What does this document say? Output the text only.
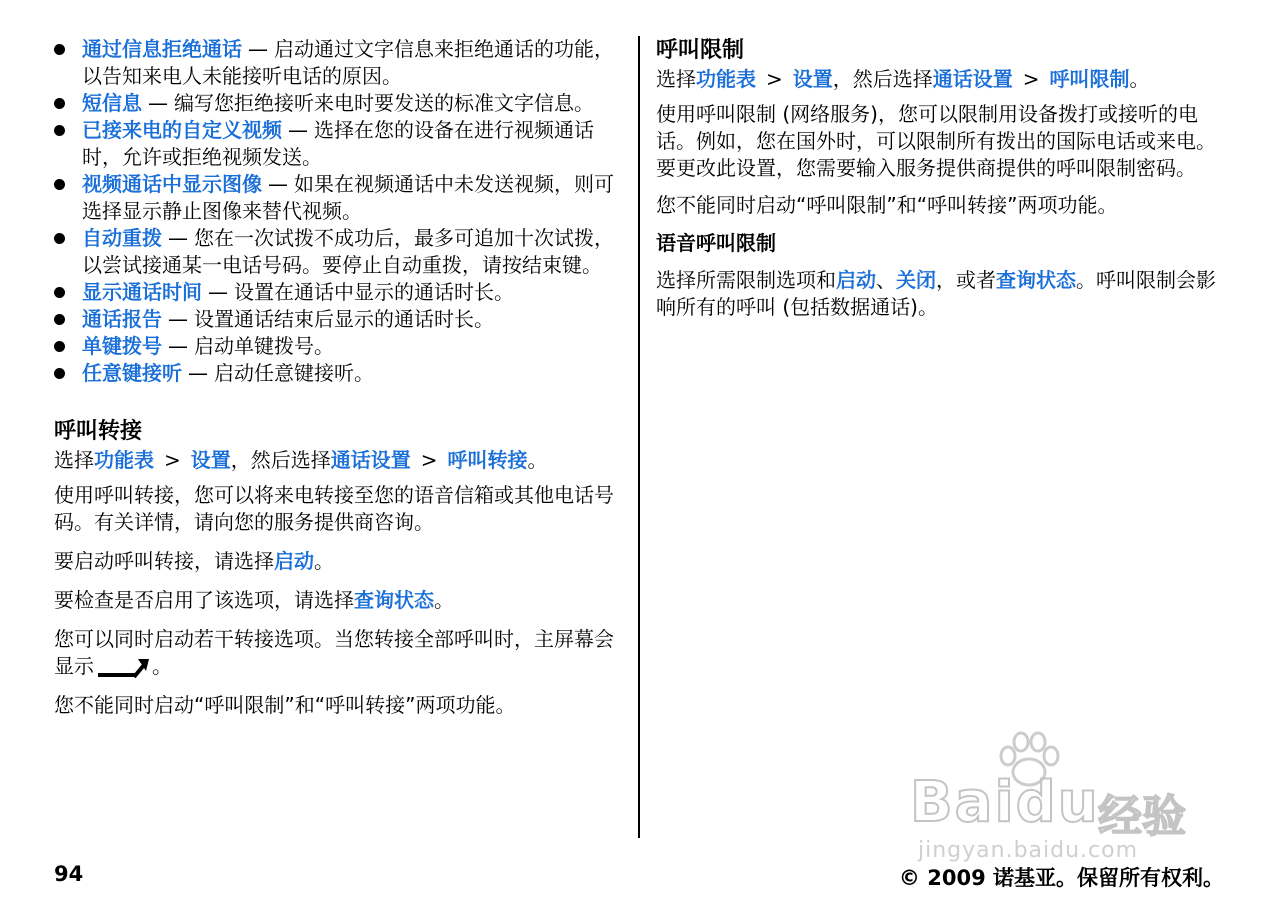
通过信息拒绝通话 — 启动通过文字信息来拒绝通话的功能，以告知来电人未能接听电话的原因。
短信息 — 编写您拒绝接听来电时要发送的标准文字信息。
已接来电的自定义视频 — 选择在您的设备在进行视频通话时，允许或拒绝视频发送。
视频通话中显示图像 — 如果在视频通话中未发送视频，则可选择显示静止图像来替代视频。
自动重拨 — 您在一次试拨不成功后，最多可追加十次试拨，以尝试接通某一电话号码。要停止自动重拨，请按结束键。
显示通话时间 — 设置在通话中显示的通话时长。
通话报告 — 设置通话结束后显示的通话时长。
单键拨号 — 启动单键拨号。
任意键接听 — 启动任意键接听。
呼叫转接

选择功能表 > 设置，然后选择通话设置 > 呼叫转接。

使用呼叫转接，您可以将来电转接至您的语音信箱或其他电话号码。有关详情，请向您的服务提供商咨询。

要启动呼叫转接，请选择启动。

要检查是否启用了该选项，请选择查询状态。

您可以同时启动若干转接选项。当您转接全部呼叫时，主屏幕会显示	。

您不能同时启动“呼叫限制”和“呼叫转接”两项功能。

呼叫限制

选择功能表 > 设置，然后选择通话设置 > 呼叫限制。

使用呼叫限制 (网络服务)，您可以限制用设备拨打或接听的电话。例如，您在国外时，可以限制所有拨出的国际电话或来电。要更改此设置，您需要输入服务提供商提供的呼叫限制密码。

您不能同时启动“呼叫限制”和“呼叫转接”两项功能。

语音呼叫限制

选择所需限制选项和启动、关闭，或者查询状态。呼叫限制会影响所有的呼叫 (包括数据通话)。

Baidu
经验
jingyan.baidu.com
94	© 2009 诺基亚。保留所有权利。
